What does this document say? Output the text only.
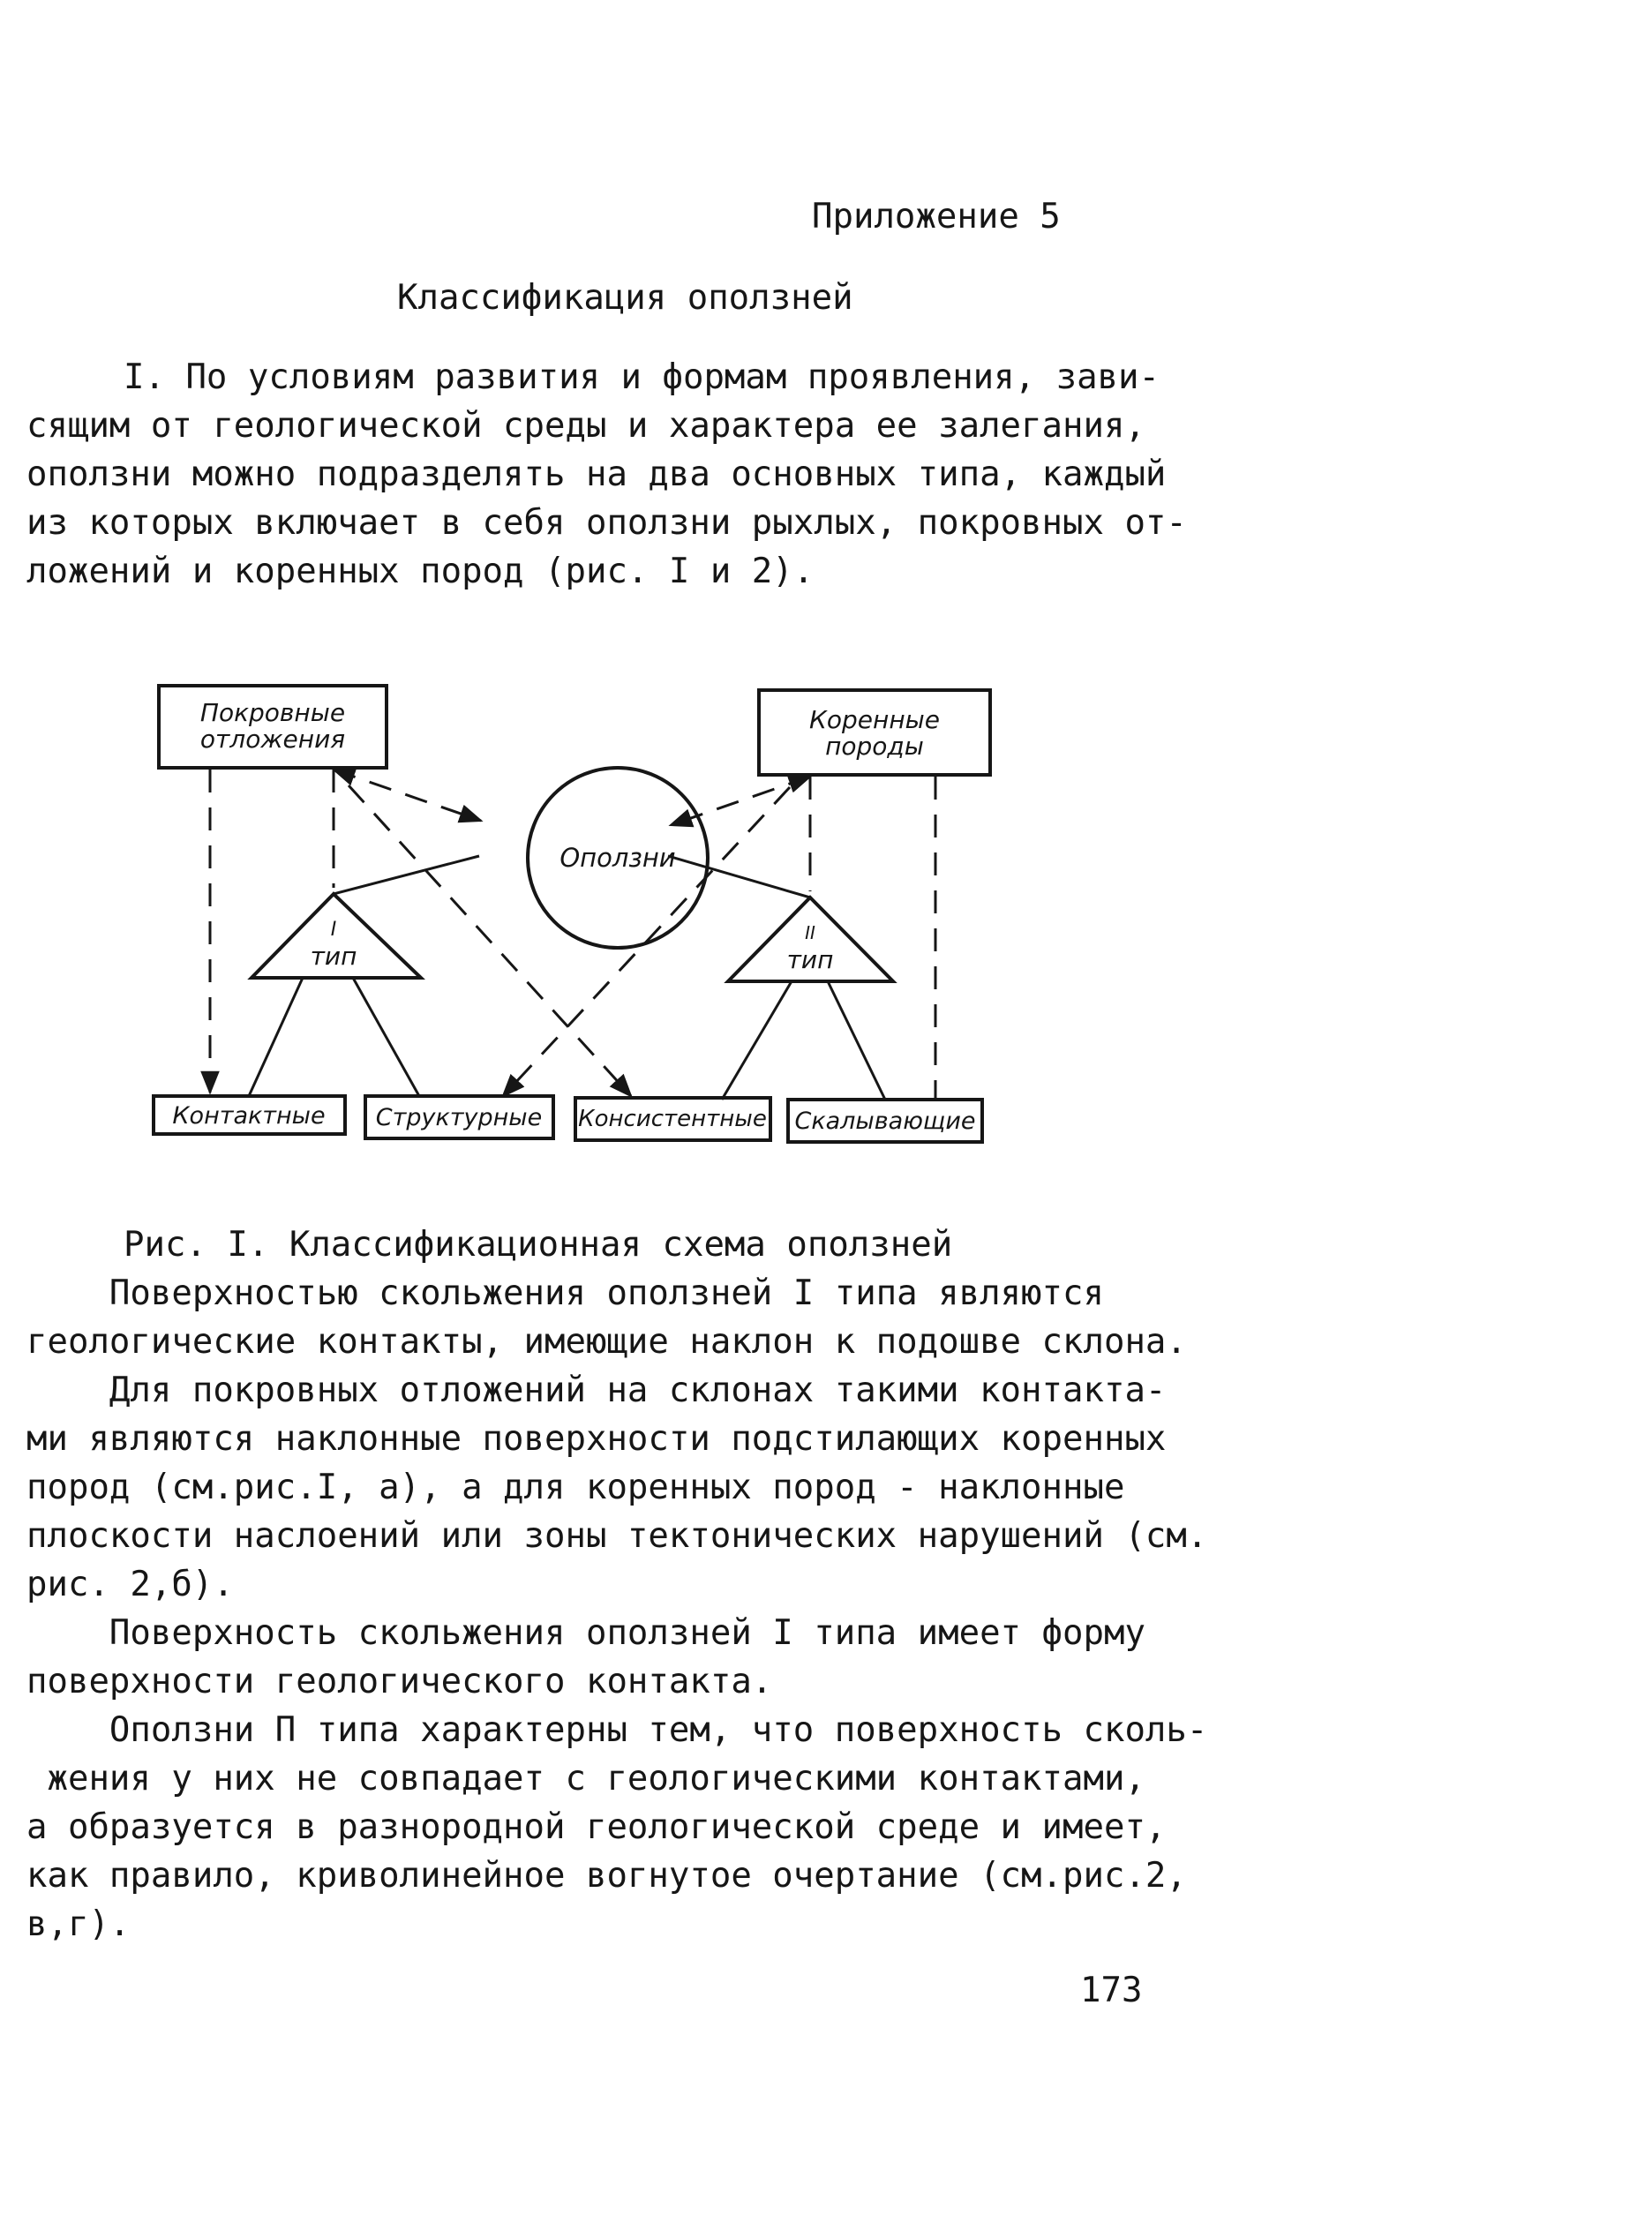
Приложение 5
Классификация оползней
I. По условиям развития и формам проявления, зави-
сящим от геологической среды и характера ее залегания,
оползни можно подразделять на два основных типа, каждый
из которых включает в себя оползни рыхлых, покровных от-
ложений и коренных пород (рис. I и 2).
Покровные
отложения
Коренные
породы
Оползни
I
тип
II
тип
Контактные Структурные Консистентные Скалывающие
Рис. I. Классификационная схема оползней
Поверхностью скольжения оползней I типа являются
геологические контакты, имеющие наклон к подошве склона.
Для покровных отложений на склонах такими контакта-
ми являются наклонные поверхности подстилающих коренных
пород (см.рис.I, а), а для коренных пород - наклонные
плоскости наслоений или зоны тектонических нарушений (см.
рис. 2,б).
Поверхность скольжения оползней I типа имеет форму
поверхности геологического контакта.
Оползни П типа характерны тем, что поверхность сколь-
жения у них не совпадает с геологическими контактами,
а образуется в разнородной геологической среде и имеет,
как правило, криволинейное вогнутое очертание (см.рис.2,
в,г).
173
